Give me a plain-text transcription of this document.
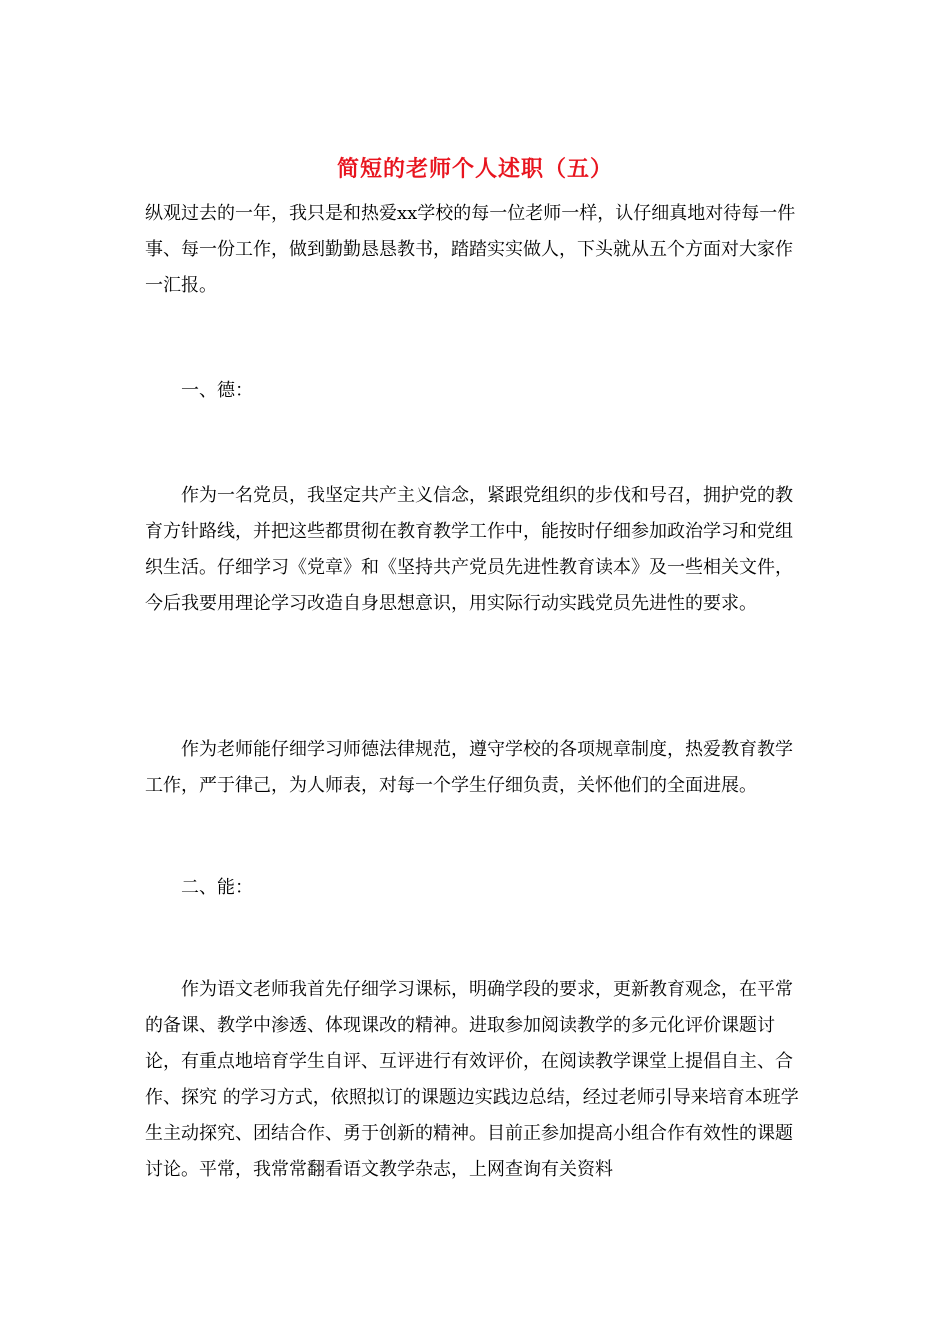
简短的老师个人述职（五）

纵观过去的一年，我只是和热爱xx学校的每一位老师一样，认仔细真地对待每一件事、每一份工作，做到勤勤恳恳教书，踏踏实实做人，下头就从五个方面对大家作一汇报。

一、德：

作为一名党员，我坚定共产主义信念，紧跟党组织的步伐和号召，拥护党的教育方针路线，并把这些都贯彻在教育教学工作中，能按时仔细参加政治学习和党组织生活。仔细学习《党章》和《坚持共产党员先进性教育读本》及一些相关文件，今后我要用理论学习改造自身思想意识，用实际行动实践党员先进性的要求。

作为老师能仔细学习师德法律规范，遵守学校的各项规章制度，热爱教育教学工作，严于律己，为人师表，对每一个学生仔细负责，关怀他们的全面进展。

二、能：

作为语文老师我首先仔细学习课标，明确学段的要求，更新教育观念，在平常的备课、教学中渗透、体现课改的精神。进取参加阅读教学的多元化评价课题讨论，有重点地培育学生自评、互评进行有效评价，在阅读教学课堂上提倡自主、合作、探究 的学习方式，依照拟订的课题边实践边总结，经过老师引导来培育本班学生主动探究、团结合作、勇于创新的精神。目前正参加提高小组合作有效性的课题讨论。平常，我常常翻看语文教学杂志，上网查询有关资料
